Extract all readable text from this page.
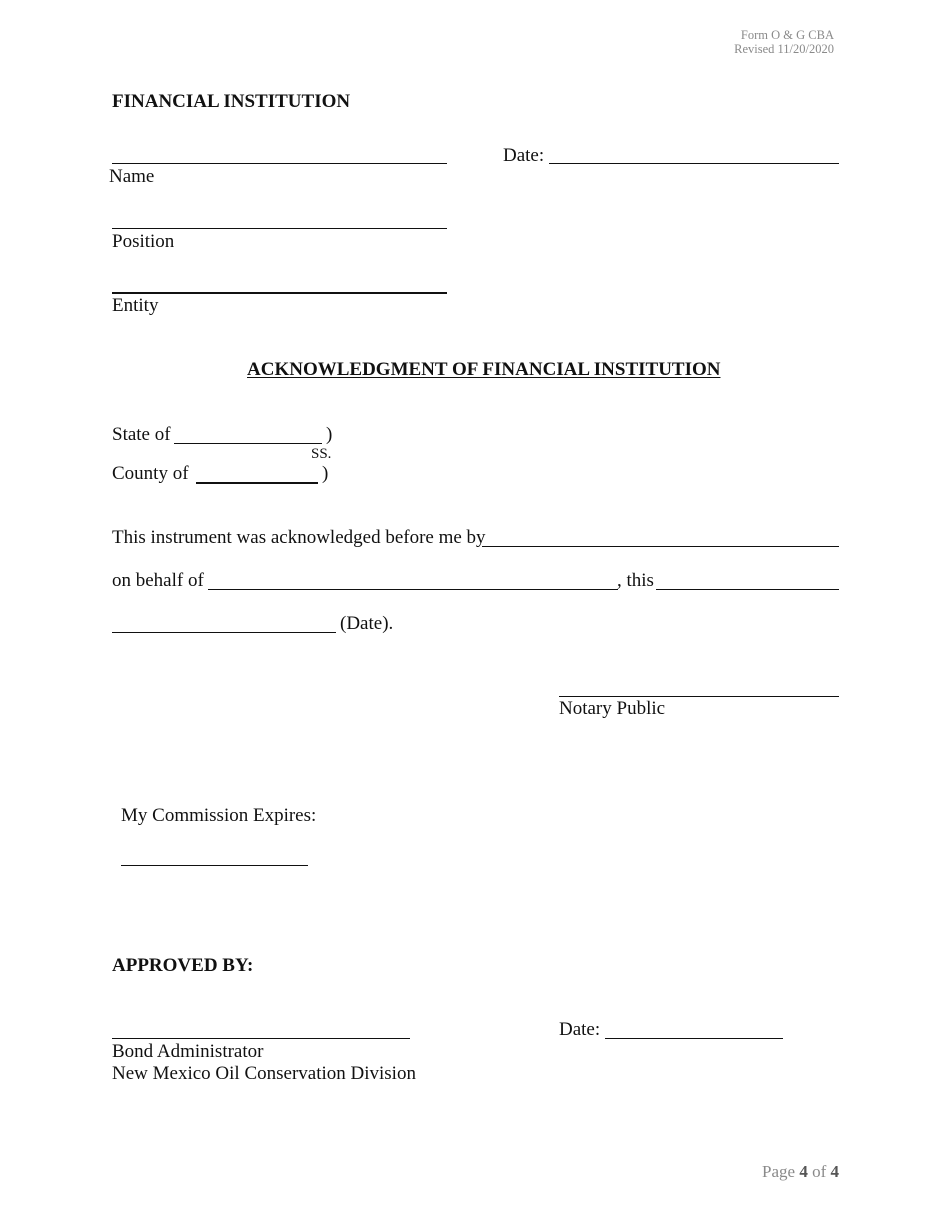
Form O & G CBA
Revised 11/20/2020
FINANCIAL INSTITUTION
Name
Date:
Position
Entity
ACKNOWLEDGMENT OF FINANCIAL INSTITUTION
State of	)
SS.
County of	)
This instrument was acknowledged before me by
on behalf of	, this
(Date).
Notary Public
My Commission Expires:
APPROVED BY:
Date:
Bond Administrator
New Mexico Oil Conservation Division
Page 4 of 4
